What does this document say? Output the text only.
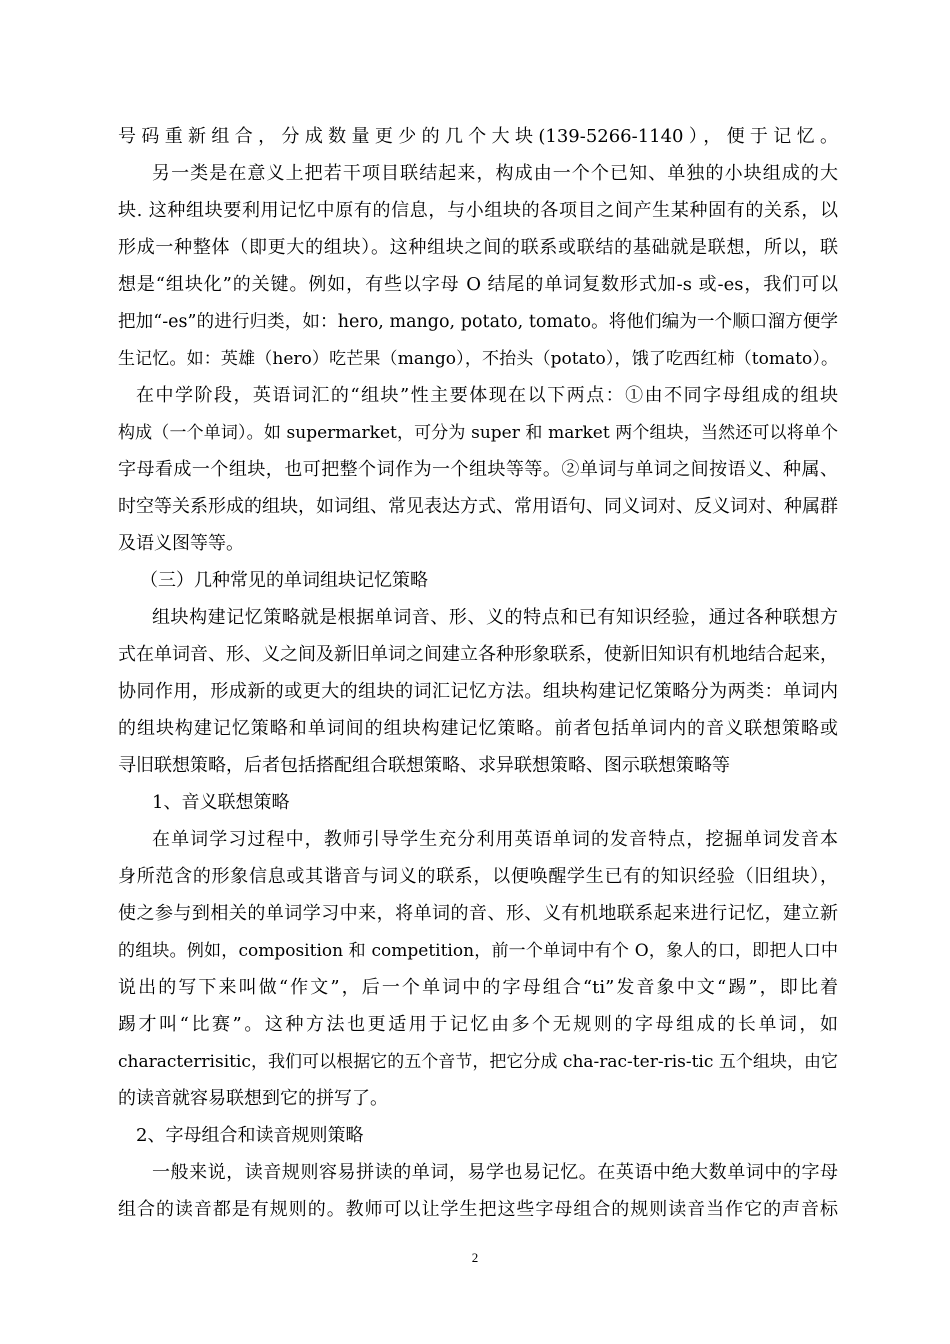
号码重新组合，分成数量更少的几个大块(139-5266-1140），便于记忆。
另一类是在意义上把若干项目联结起来，构成由一个个已知、单独的小块组成的大
块. 这种组块要利用记忆中原有的信息，与小组块的各项目之间产生某种固有的关系，以
形成一种整体（即更大的组块）。这种组块之间的联系或联结的基础就是联想，所以，联
想是“组块化”的关键。例如，有些以字母 O 结尾的单词复数形式加-s 或-es，我们可以
把加“-es”的进行归类，如：hero, mango, potato, tomato。将他们编为一个顺口溜方便学
生记忆。如：英雄（hero）吃芒果（mango），不抬头（potato），饿了吃西红柿（tomato）。
在中学阶段，英语词汇的“组块”性主要体现在以下两点：①由不同字母组成的组块
构成（一个单词）。如 supermarket，可分为 super 和 market 两个组块，当然还可以将单个
字母看成一个组块，也可把整个词作为一个组块等等。②单词与单词之间按语义、种属、
时空等关系形成的组块，如词组、常见表达方式、常用语句、同义词对、反义词对、种属群
及语义图等等。
（三）几种常见的单词组块记忆策略
组块构建记忆策略就是根据单词音、形、义的特点和已有知识经验，通过各种联想方
式在单词音、形、义之间及新旧单词之间建立各种形象联系，使新旧知识有机地结合起来，
协同作用，形成新的或更大的组块的词汇记忆方法。组块构建记忆策略分为两类：单词内
的组块构建记忆策略和单词间的组块构建记忆策略。前者包括单词内的音义联想策略或
寻旧联想策略，后者包括搭配组合联想策略、求异联想策略、图示联想策略等
1、音义联想策略
在单词学习过程中，教师引导学生充分利用英语单词的发音特点，挖掘单词发音本
身所范含的形象信息或其谐音与词义的联系，以便唤醒学生已有的知识经验（旧组块），
使之参与到相关的单词学习中来，将单词的音、形、义有机地联系起来进行记忆，建立新
的组块。例如，composition 和 competition，前一个单词中有个 O，象人的口，即把人口中
说出的写下来叫做“作文”，后一个单词中的字母组合“ti”发音象中文“踢”，即比着
踢才叫“比赛”。这种方法也更适用于记忆由多个无规则的字母组成的长单词，如
characterrisitic，我们可以根据它的五个音节，把它分成 cha-rac-ter-ris-tic 五个组块，由它
的读音就容易联想到它的拼写了。
2、字母组合和读音规则策略
一般来说，读音规则容易拼读的单词，易学也易记忆。在英语中绝大数单词中的字母
组合的读音都是有规则的。教师可以让学生把这些字母组合的规则读音当作它的声音标
2
